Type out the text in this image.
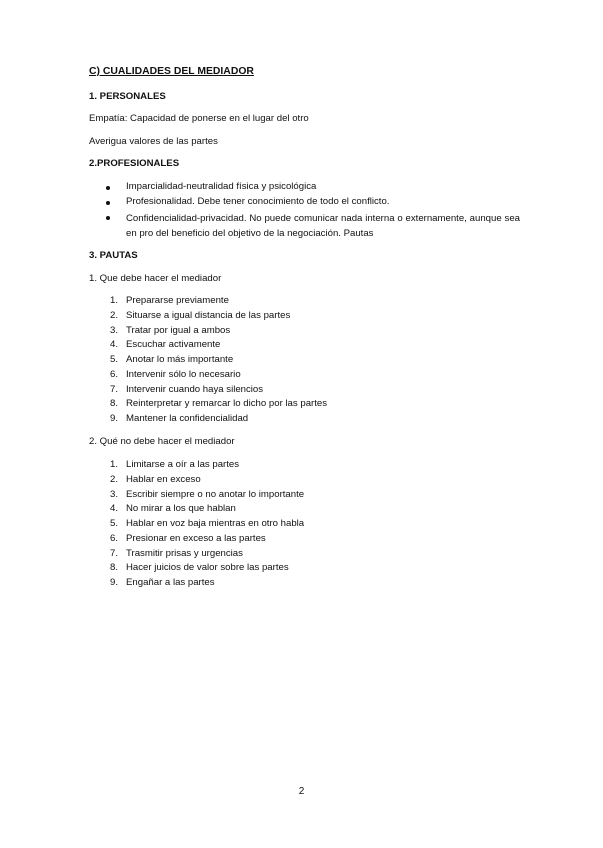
C) CUALIDADES DEL MEDIADOR
1. PERSONALES
Empatía: Capacidad de ponerse en el lugar del otro
Averigua valores de las partes
2.PROFESIONALES
Imparcialidad-neutralidad física y psicológica
Profesionalidad. Debe tener conocimiento de todo el conflicto.
Confidencialidad-privacidad. No puede comunicar nada interna o externamente, aunque sea en pro del beneficio del objetivo de la negociación. Pautas
3. PAUTAS
1. Que debe hacer el mediador
1. Prepararse previamente
2. Situarse a igual distancia de las partes
3. Tratar por igual a ambos
4. Escuchar activamente
5. Anotar lo más importante
6. Intervenir sólo lo necesario
7. Intervenir cuando haya silencios
8. Reinterpretar y remarcar lo dicho por las partes
9. Mantener la confidencialidad
2. Qué no debe hacer el mediador
1. Limitarse a oír a las partes
2. Hablar en exceso
3. Escribir siempre o no anotar lo importante
4. No mirar a los que hablan
5. Hablar en voz baja mientras en otro habla
6. Presionar en exceso a las partes
7. Trasmitir prisas y urgencias
8. Hacer juicios de valor sobre las partes
9. Engañar a las partes
2
